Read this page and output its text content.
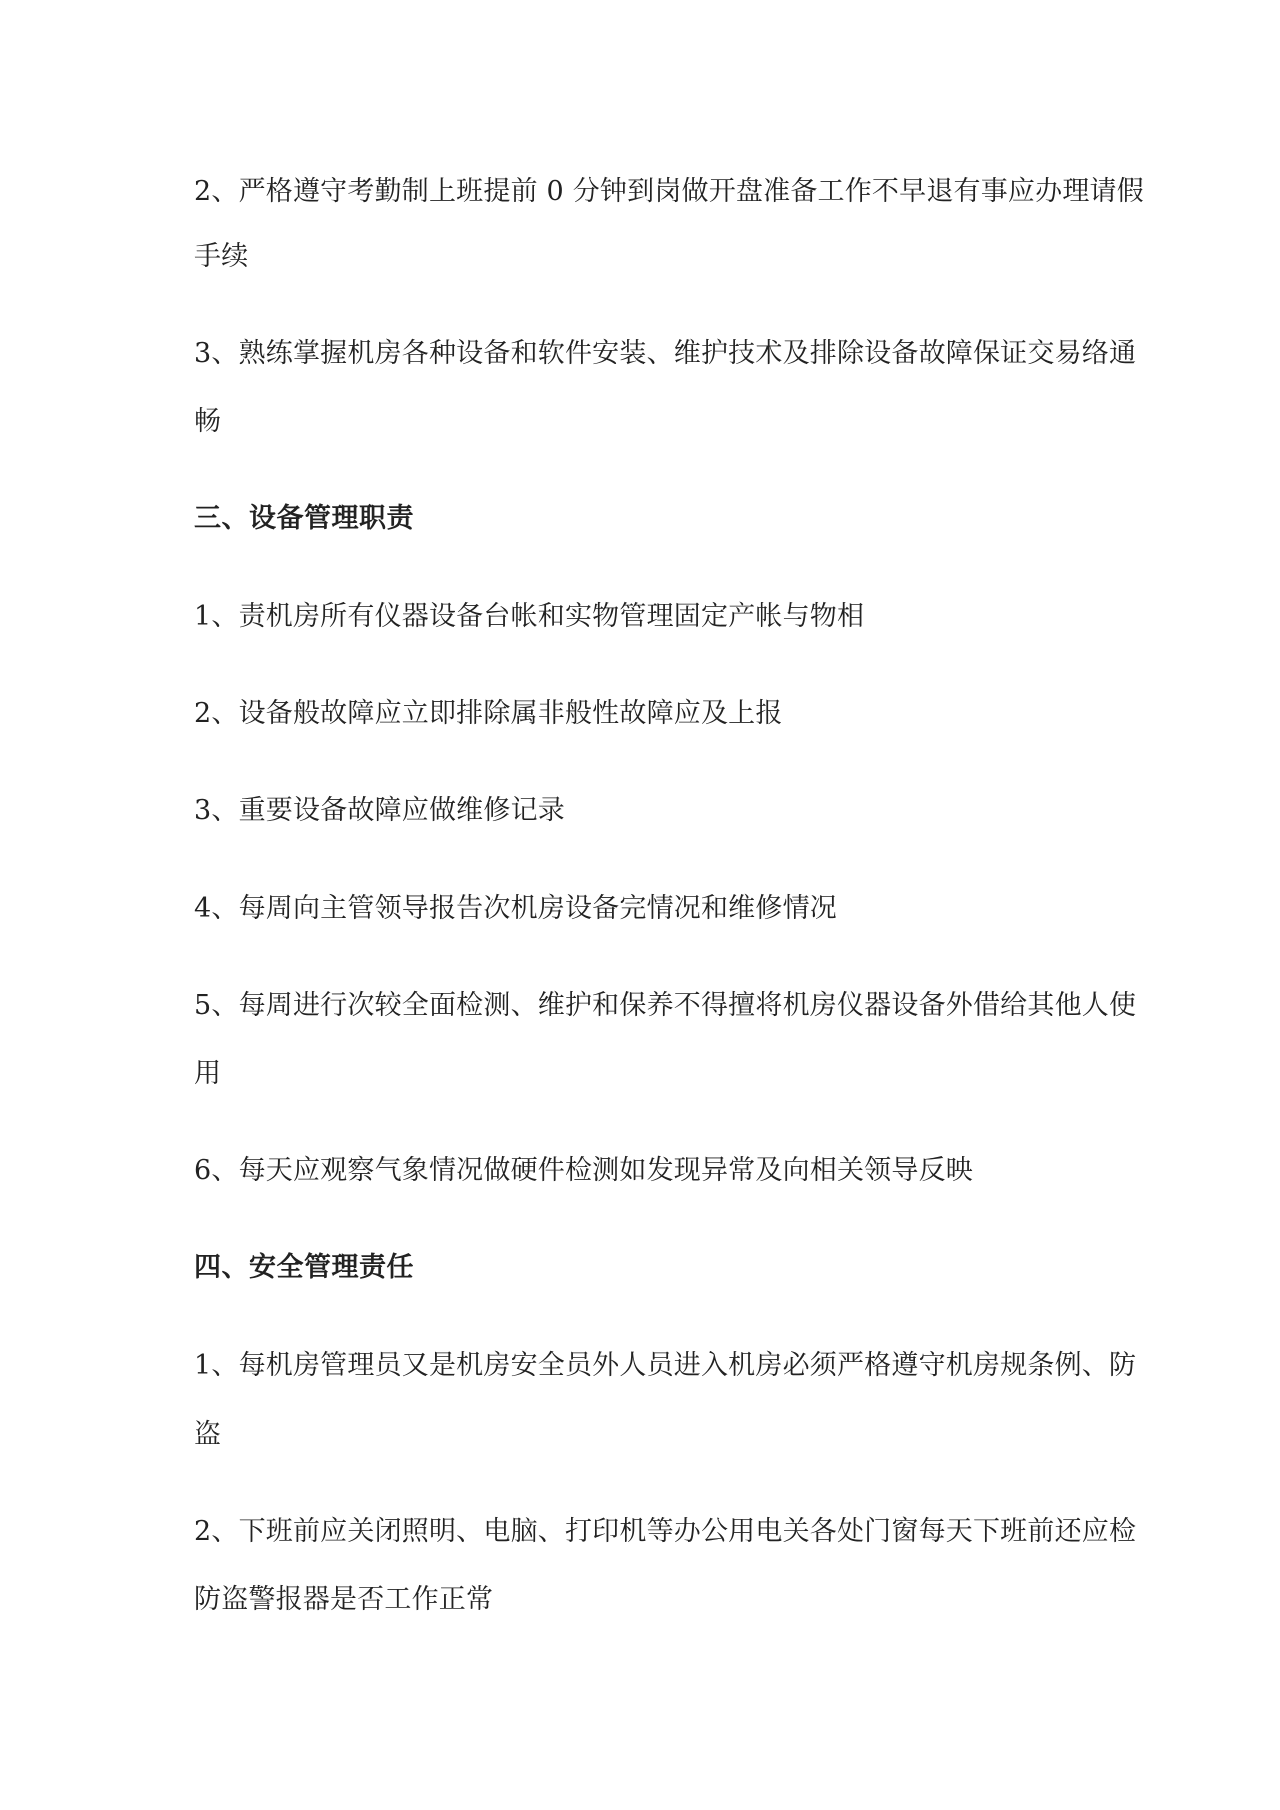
2、严格遵守考勤制上班提前 0 分钟到岗做开盘准备工作不早退有事应办理请假
手续
3、熟练掌握机房各种设备和软件安装、维护技术及排除设备故障保证交易络通
畅
三、设备管理职责
1、责机房所有仪器设备台帐和实物管理固定产帐与物相
2、设备般故障应立即排除属非般性故障应及上报
3、重要设备故障应做维修记录
4、每周向主管领导报告次机房设备完情况和维修情况
5、每周进行次较全面检测、维护和保养不得擅将机房仪器设备外借给其他人使
用
6、每天应观察气象情况做硬件检测如发现异常及向相关领导反映
四、安全管理责任
1、每机房管理员又是机房安全员外人员进入机房必须严格遵守机房规条例、防
盗
2、下班前应关闭照明、电脑、打印机等办公用电关各处门窗每天下班前还应检
防盗警报器是否工作正常
